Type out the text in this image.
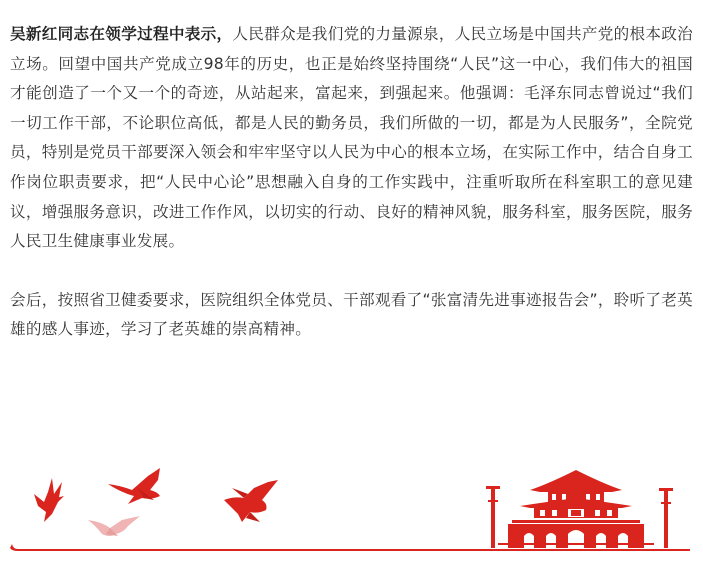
吴新红同志在领学过程中表示，人民群众是我们党的力量源泉，人民立场是中国共产党的根本政治立场。回望中国共产党成立98年的历史，也正是始终坚持围绕“人民”这一中心，我们伟大的祖国才能创造了一个又一个的奇迹，从站起来，富起来，到强起来。他强调：毛泽东同志曾说过“我们一切工作干部，不论职位高低，都是人民的勤务员，我们所做的一切，都是为人民服务”，全院党员，特别是党员干部要深入领会和牢牢坚守以人民为中心的根本立场，在实际工作中，结合自身工作岗位职责要求，把“人民中心论”思想融入自身的工作实践中，注重听取所在科室职工的意见建议，增强服务意识，改进工作作风，以切实的行动、良好的精神风貌，服务科室，服务医院，服务人民卫生健康事业发展。

会后，按照省卫健委要求，医院组织全体党员、干部观看了“张富清先进事迹报告会”，聆听了老英雄的感人事迹，学习了老英雄的崇高精神。
